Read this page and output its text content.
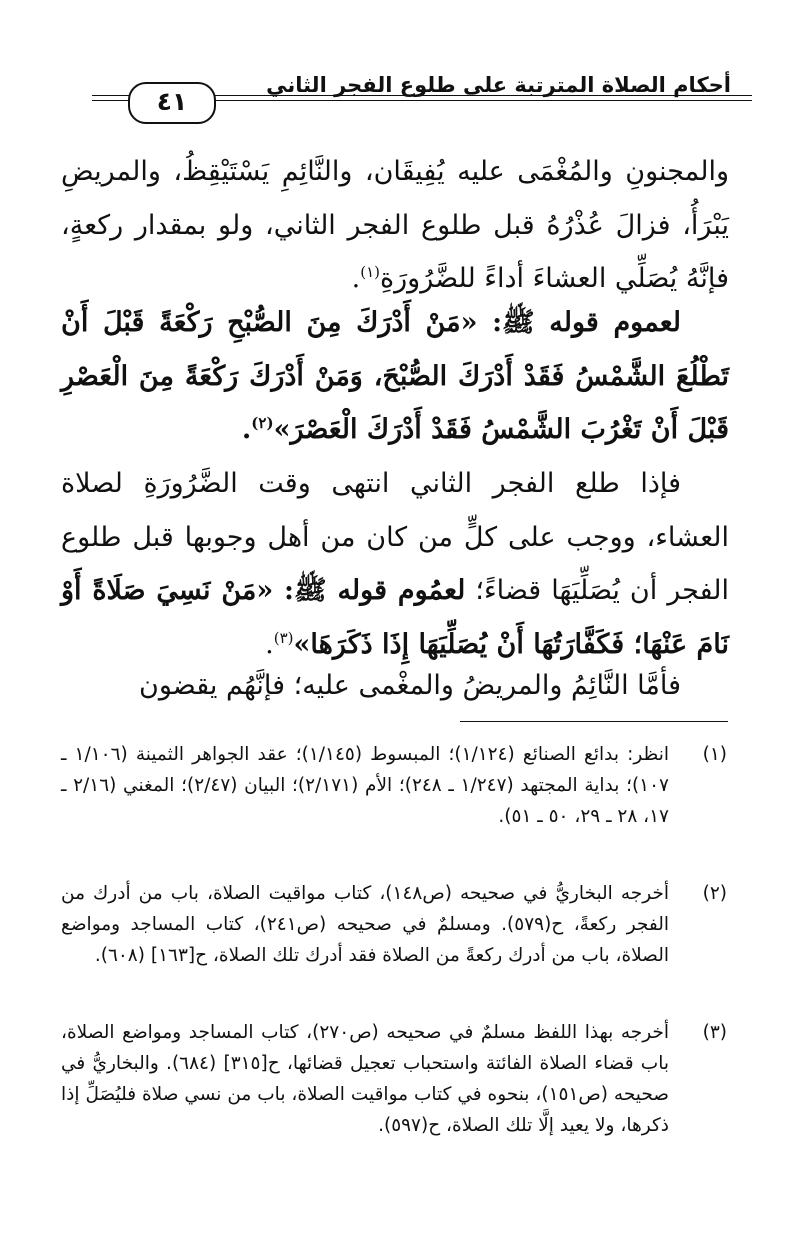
أحكام الصلاة المترتبة على طلوع الفجر الثاني
٤١

والمجنونِ والمُغْمَى عليه يُفِيقَان، والنَّائِمِ يَسْتَيْقِظُ، والمريضِ يَبْرَأُ، فزالَ عُذْرُهُ قبل طلوع الفجر الثاني، ولو بمقدار ركعةٍ، فإنَّهُ يُصَلِّي العشاءَ أداءً للضَّرُورَةِ$^{(١)}$.

لعموم قوله ﷺ: «مَنْ أَدْرَكَ مِنَ الصُّبْحِ رَكْعَةً قَبْلَ أَنْ تَطْلُعَ الشَّمْسُ فَقَدْ أَدْرَكَ الصُّبْحَ، وَمَنْ أَدْرَكَ رَكْعَةً مِنَ الْعَصْرِ قَبْلَ أَنْ تَغْرُبَ الشَّمْسُ فَقَدْ أَدْرَكَ الْعَصْرَ»$^{(٢)}$.

فإذا طلع الفجر الثاني انتهى وقت الضَّرُورَةِ لصلاة العشاء، ووجب على كلٍّ من كان من أهل وجوبها قبل طلوع الفجر أن يُصَلِّيَهَا قضاءً؛ لعمُوم قوله ﷺ: «مَنْ نَسِيَ صَلَاةً أَوْ نَامَ عَنْهَا؛ فَكَفَّارَتُهَا أَنْ يُصَلِّيَهَا إِذَا ذَكَرَهَا»$^{(٣)}$.

فأمَّا النَّائِمُ والمريضُ والمغْمى عليه؛ فإنَّهُم يقضون

(١)
انظر: بدائع الصنائع (١/١٢٤)؛ المبسوط (١/١٤٥)؛ عقد الجواهر الثمينة (١/١٠٦ ـ ١٠٧)؛ بداية المجتهد (١/٢٤٧ ـ ٢٤٨)؛ الأم (٢/١٧١)؛ البيان (٢/٤٧)؛ المغني (٢/١٦ ـ ١٧، ٢٨ ـ ٢٩، ٥٠ ـ ٥١).
(٢)
أخرجه البخاريُّ في صحيحه (ص١٤٨)، كتاب مواقيت الصلاة، باب من أدرك من الفجر ركعةً، ح(٥٧٩). ومسلمٌ في صحيحه (ص٢٤١)، كتاب المساجد ومواضع الصلاة، باب من أدرك ركعةً من الصلاة فقد أدرك تلك الصلاة، ح[١٦٣] (٦٠٨).
(٣)
أخرجه بهذا اللفظ مسلمٌ في صحيحه (ص٢٧٠)، كتاب المساجد ومواضع الصلاة، باب قضاء الصلاة الفائتة واستحباب تعجيل قضائها، ح[٣١٥] (٦٨٤). والبخاريُّ في صحيحه (ص١٥١)، بنحوه في كتاب مواقيت الصلاة، باب من نسي صلاة فليُصَلِّ إذا ذكرها، ولا يعيد إلَّا تلك الصلاة، ح(٥٩٧).
